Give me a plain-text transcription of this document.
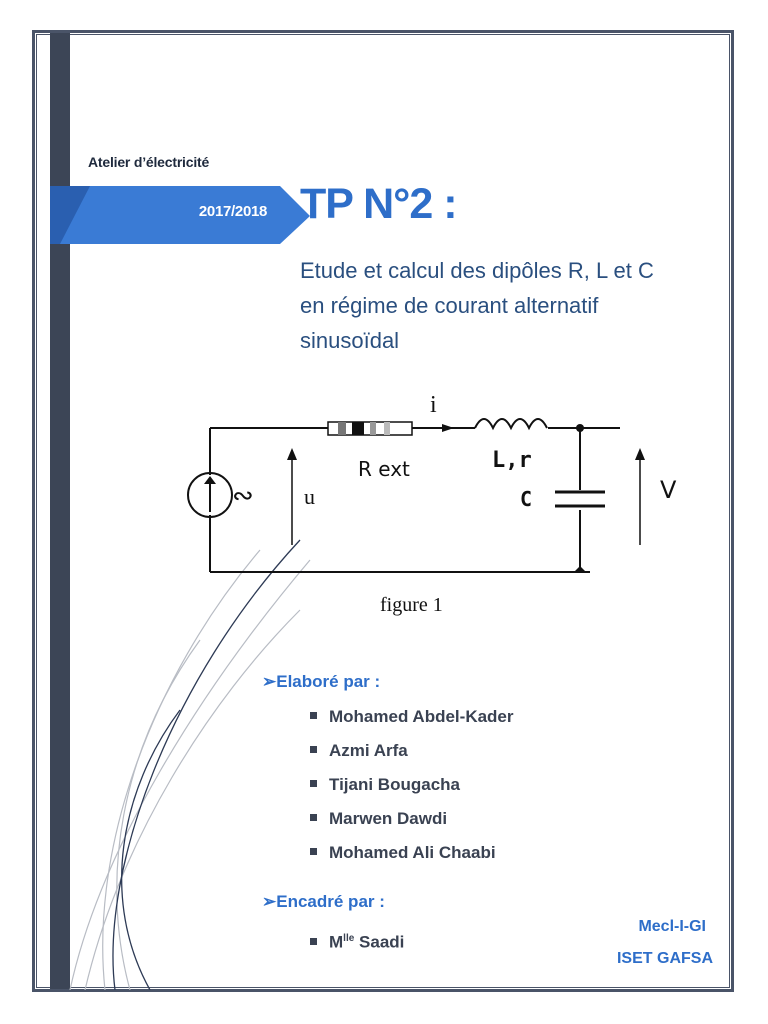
Atelier d’électricité
2017/2018 TP N°2 :
Etude et calcul des dipôles R, L et C
en régime de courant alternatif
sinusoïdal
∾ u
i
R ext	L,r
C	V
figure 1
➢Elaboré par :
Mohamed Abdel-Kader
Azmi Arfa
Tijani Bougacha
Marwen Dawdi
Mohamed Ali Chaabi
➢Encadré par :
$M^{lle}$ Saadi
Mecl-I-GI
ISET GAFSA
